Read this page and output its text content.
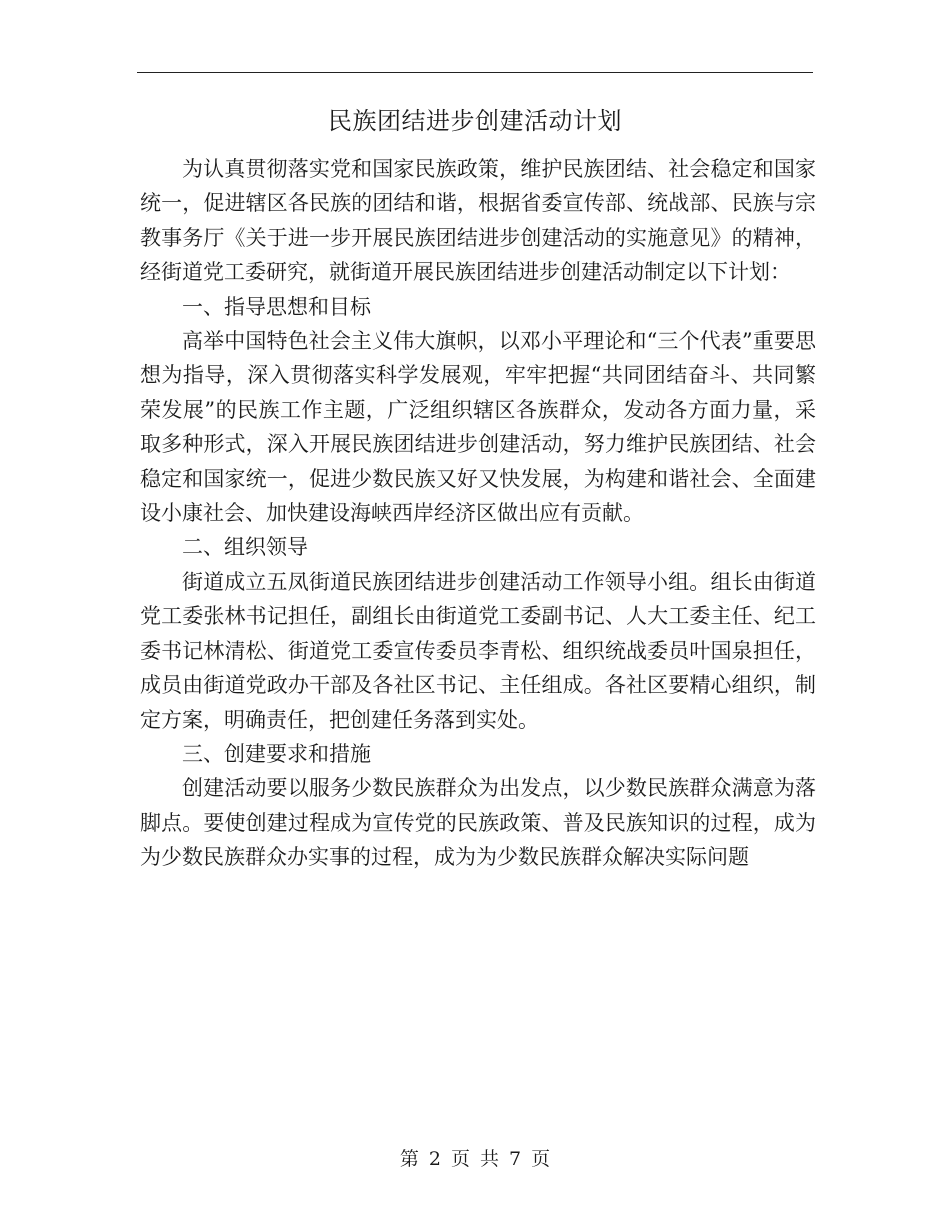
民族团结进步创建活动计划

为认真贯彻落实党和国家民族政策，维护民族团结、社会稳定和国家统一，促进辖区各民族的团结和谐，根据省委宣传部、统战部、民族与宗教事务厅《关于进一步开展民族团结进步创建活动的实施意见》的精神，经街道党工委研究，就街道开展民族团结进步创建活动制定以下计划：

一、指导思想和目标

高举中国特色社会主义伟大旗帜，以邓小平理论和“三个代表”重要思想为指导，深入贯彻落实科学发展观，牢牢把握“共同团结奋斗、共同繁荣发展”的民族工作主题，广泛组织辖区各族群众，发动各方面力量，采取多种形式，深入开展民族团结进步创建活动，努力维护民族团结、社会稳定和国家统一，促进少数民族又好又快发展，为构建和谐社会、全面建设小康社会、加快建设海峡西岸经济区做出应有贡献。

二、组织领导

街道成立五凤街道民族团结进步创建活动工作领导小组。组长由街道党工委张林书记担任，副组长由街道党工委副书记、人大工委主任、纪工委书记林清松、街道党工委宣传委员李青松、组织统战委员叶国泉担任，成员由街道党政办干部及各社区书记、主任组成。各社区要精心组织，制定方案，明确责任，把创建任务落到实处。

三、创建要求和措施

创建活动要以服务少数民族群众为出发点，以少数民族群众满意为落脚点。要使创建过程成为宣传党的民族政策、普及民族知识的过程，成为为少数民族群众办实事的过程，成为为少数民族群众解决实际问题

第 2 页 共 7 页
